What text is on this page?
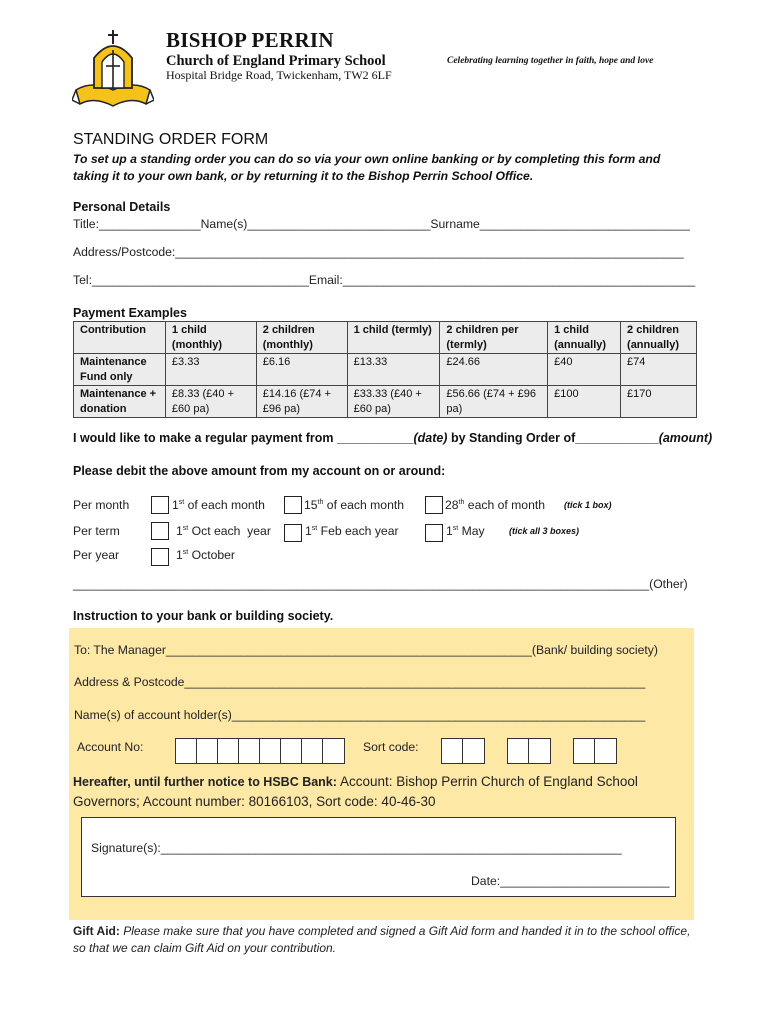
BISHOP PERRIN
Church of England Primary School
Hospital Bridge Road, Twickenham, TW2 6LF
Celebrating learning together in faith, hope and love
STANDING ORDER FORM
To set up a standing order you can do so via your own online banking or by completing this form and taking it to your own bank, or by returning it to the Bishop Perrin School Office.
Personal Details
Title:_______________Name(s)___________________________Surname_______________________________
Address/Postcode:___________________________________________________________________________
Tel:________________________________Email:____________________________________________________
Payment Examples
Contribution	1 child (monthly)	2 children (monthly)	1 child (termly)	2 children per (termly)	1 child (annually)	2 children (annually)
Maintenance Fund only	£3.33	£6.16	£13.33	£24.66	£40	£74
Maintenance + donation	£8.33 (£40 + £60 pa)	£14.16 (£74 + £96 pa)	£33.33 (£40 + £60 pa)	£56.66 (£74 + £96 pa)	£100	£170
I would like to make a regular payment from ___________(date) by Standing Order of____________(amount)
Please debit the above amount from my account on or around:
Per month	1st of each month	15th of each month	28th each of month (tick 1 box)
Per term	1st Oct each  year	1st Feb each year	1st May	(tick all 3 boxes)
Per year	1st October
_____________________________________________________________________________________(Other)
Instruction to your bank or building society.
To: The Manager______________________________________________________(Bank/ building society)
Address & Postcode____________________________________________________________________
Name(s) of account holder(s)_____________________________________________________________
Account No:	Sort code:
Hereafter, until further notice to HSBC Bank: Account: Bishop Perrin Church of England School Governors; Account number: 80166103, Sort code: 40-46-30
Signature(s):____________________________________________________________________
Date:_________________________
Gift Aid: Please make sure that you have completed and signed a Gift Aid form and handed it in to the school office, so that we can claim Gift Aid on your contribution.
